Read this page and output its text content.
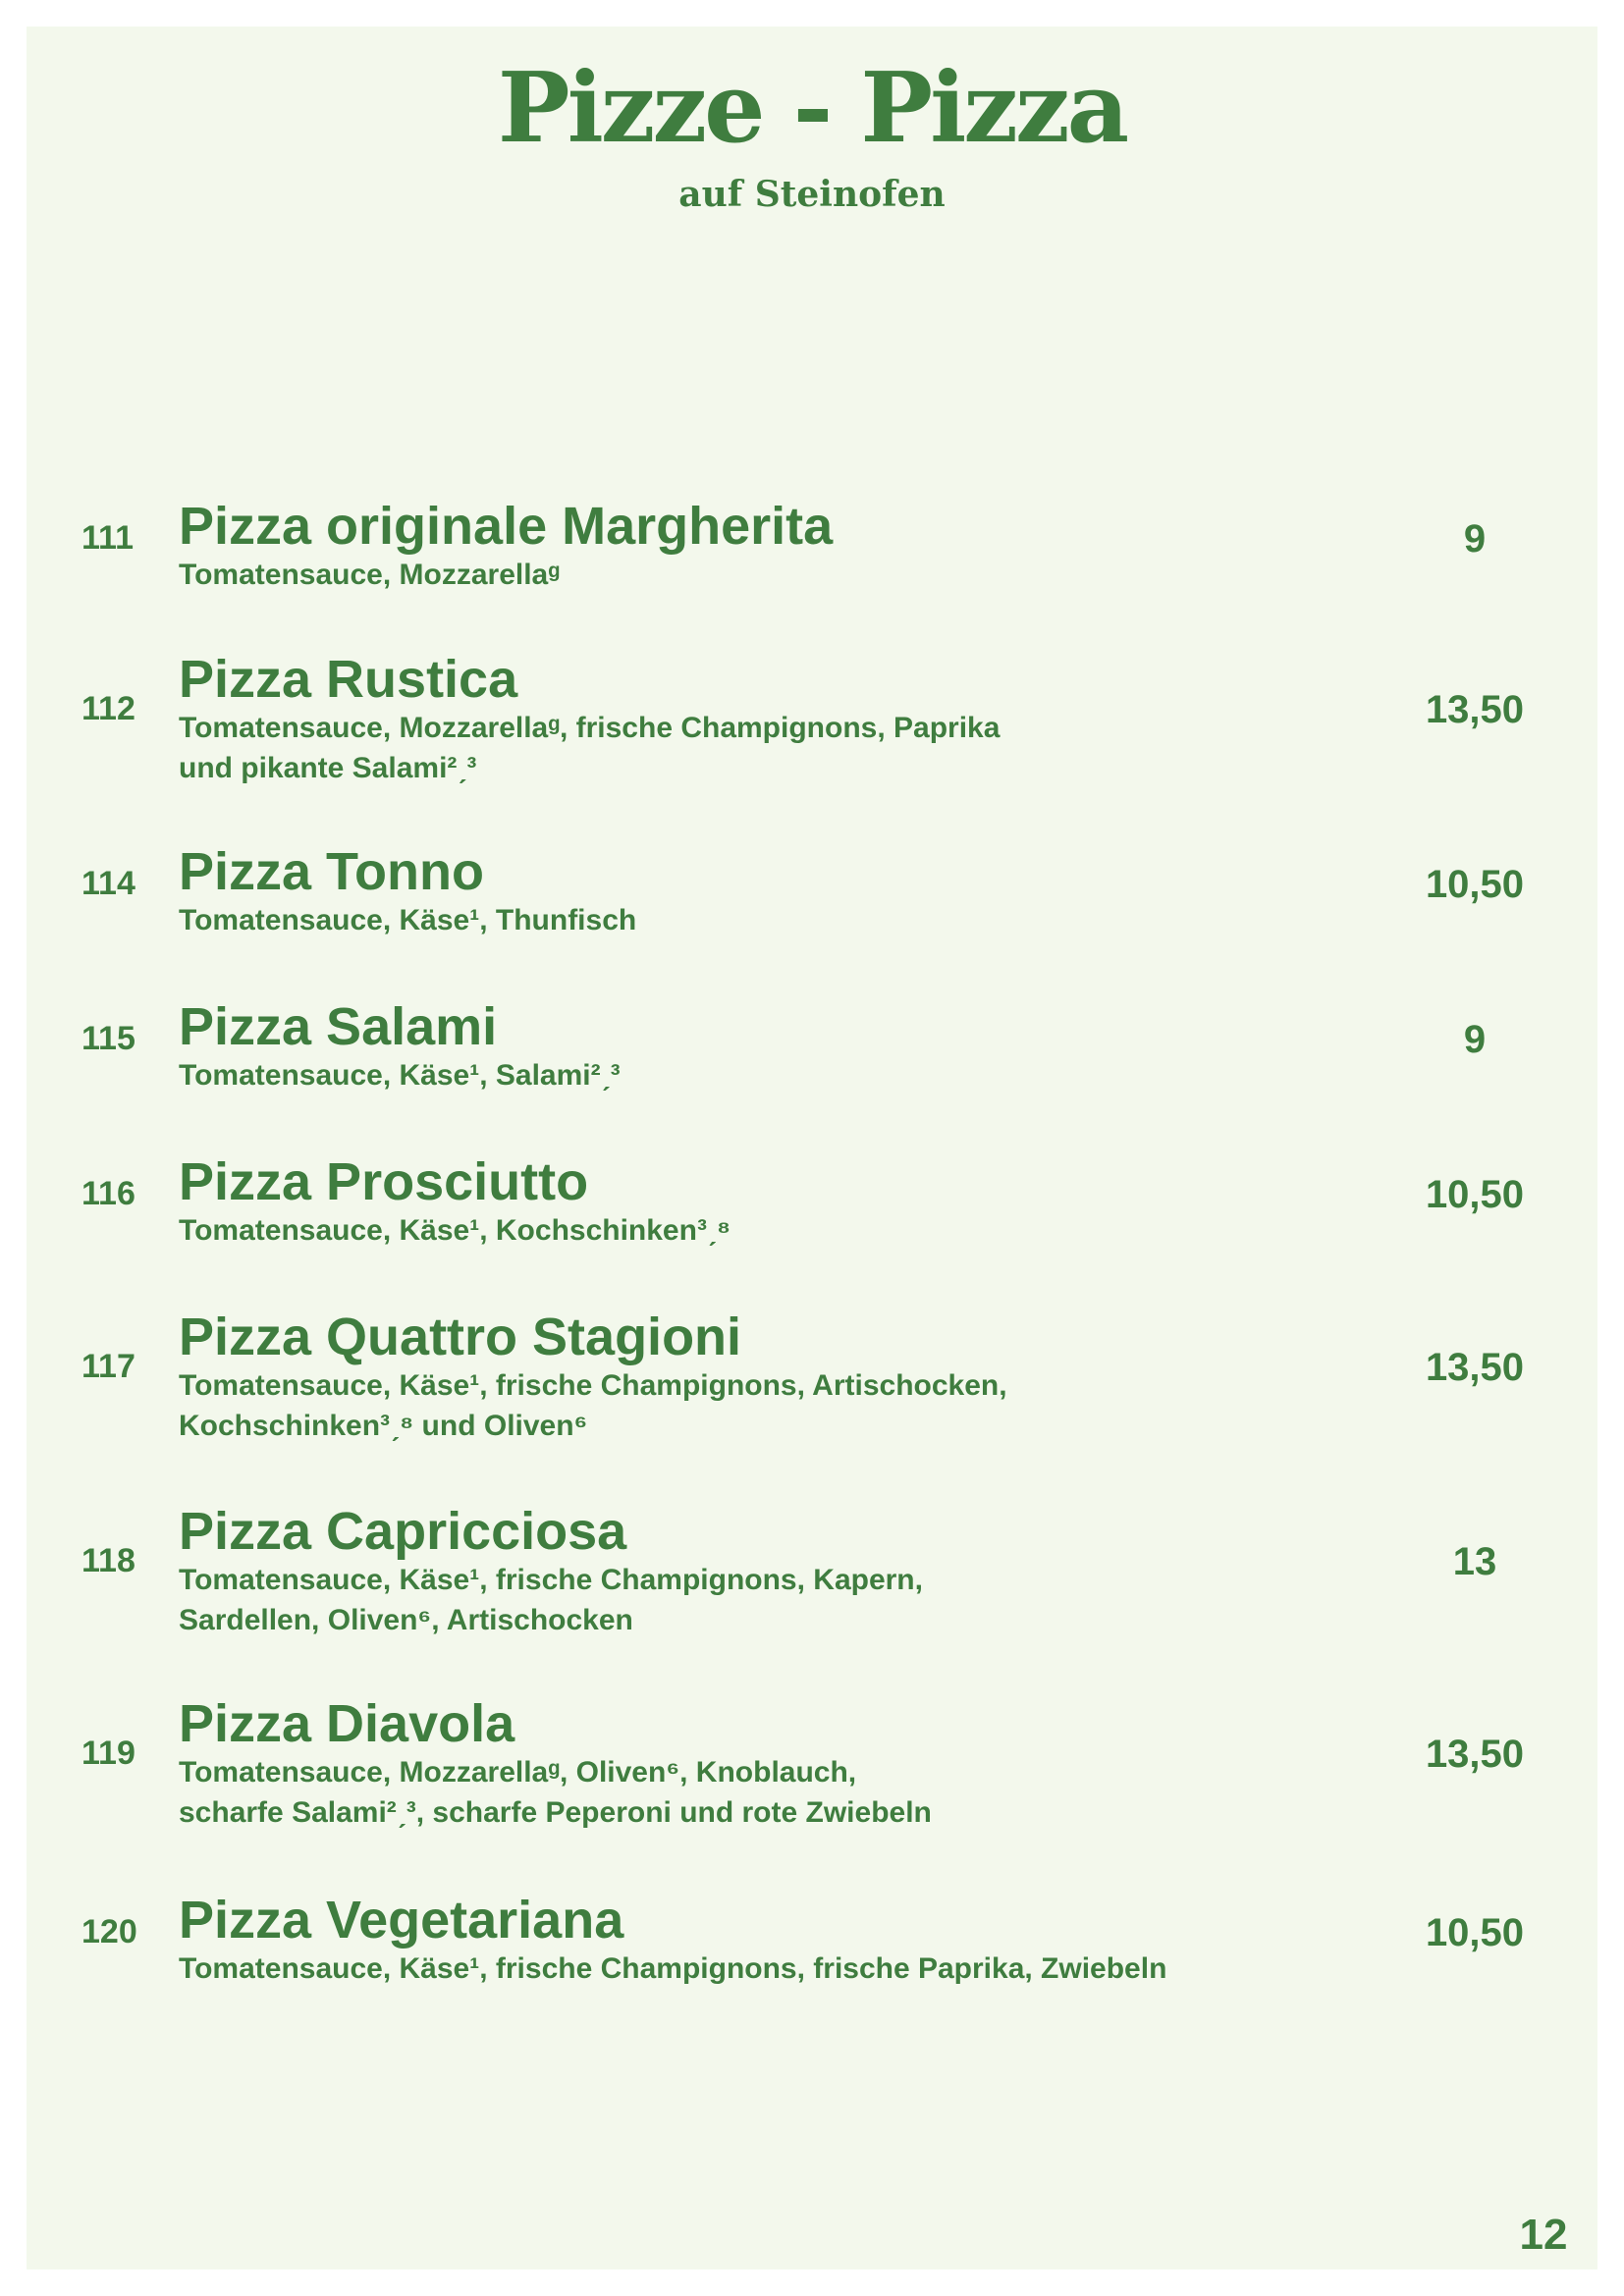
Pizze - Pizza
auf Steinofen
111 Pizza originale Margherita
Tomatensauce, Mozzarellaᵍ
9
112 Pizza Rustica
Tomatensauce, Mozzarellaᵍ, frische Champignons, Paprika
und pikante Salami²ˏ³
13,50
114 Pizza Tonno
Tomatensauce, Käse¹, Thunfisch
10,50
115 Pizza Salami
Tomatensauce, Käse¹, Salami²ˏ³
9
116 Pizza Prosciutto
Tomatensauce, Käse¹, Kochschinken³ˏ⁸
10,50
117 Pizza Quattro Stagioni
Tomatensauce, Käse¹, frische Champignons, Artischocken,
Kochschinken³ˏ⁸ und Oliven⁶
13,50
118 Pizza Capricciosa
Tomatensauce, Käse¹, frische Champignons, Kapern,
Sardellen, Oliven⁶, Artischocken
13
119 Pizza Diavola
Tomatensauce, Mozzarellaᵍ, Oliven⁶, Knoblauch,
scharfe Salami²ˏ³, scharfe Peperoni und rote Zwiebeln
13,50
120 Pizza Vegetariana
Tomatensauce, Käse¹, frische Champignons, frische Paprika, Zwiebeln
10,50
12
